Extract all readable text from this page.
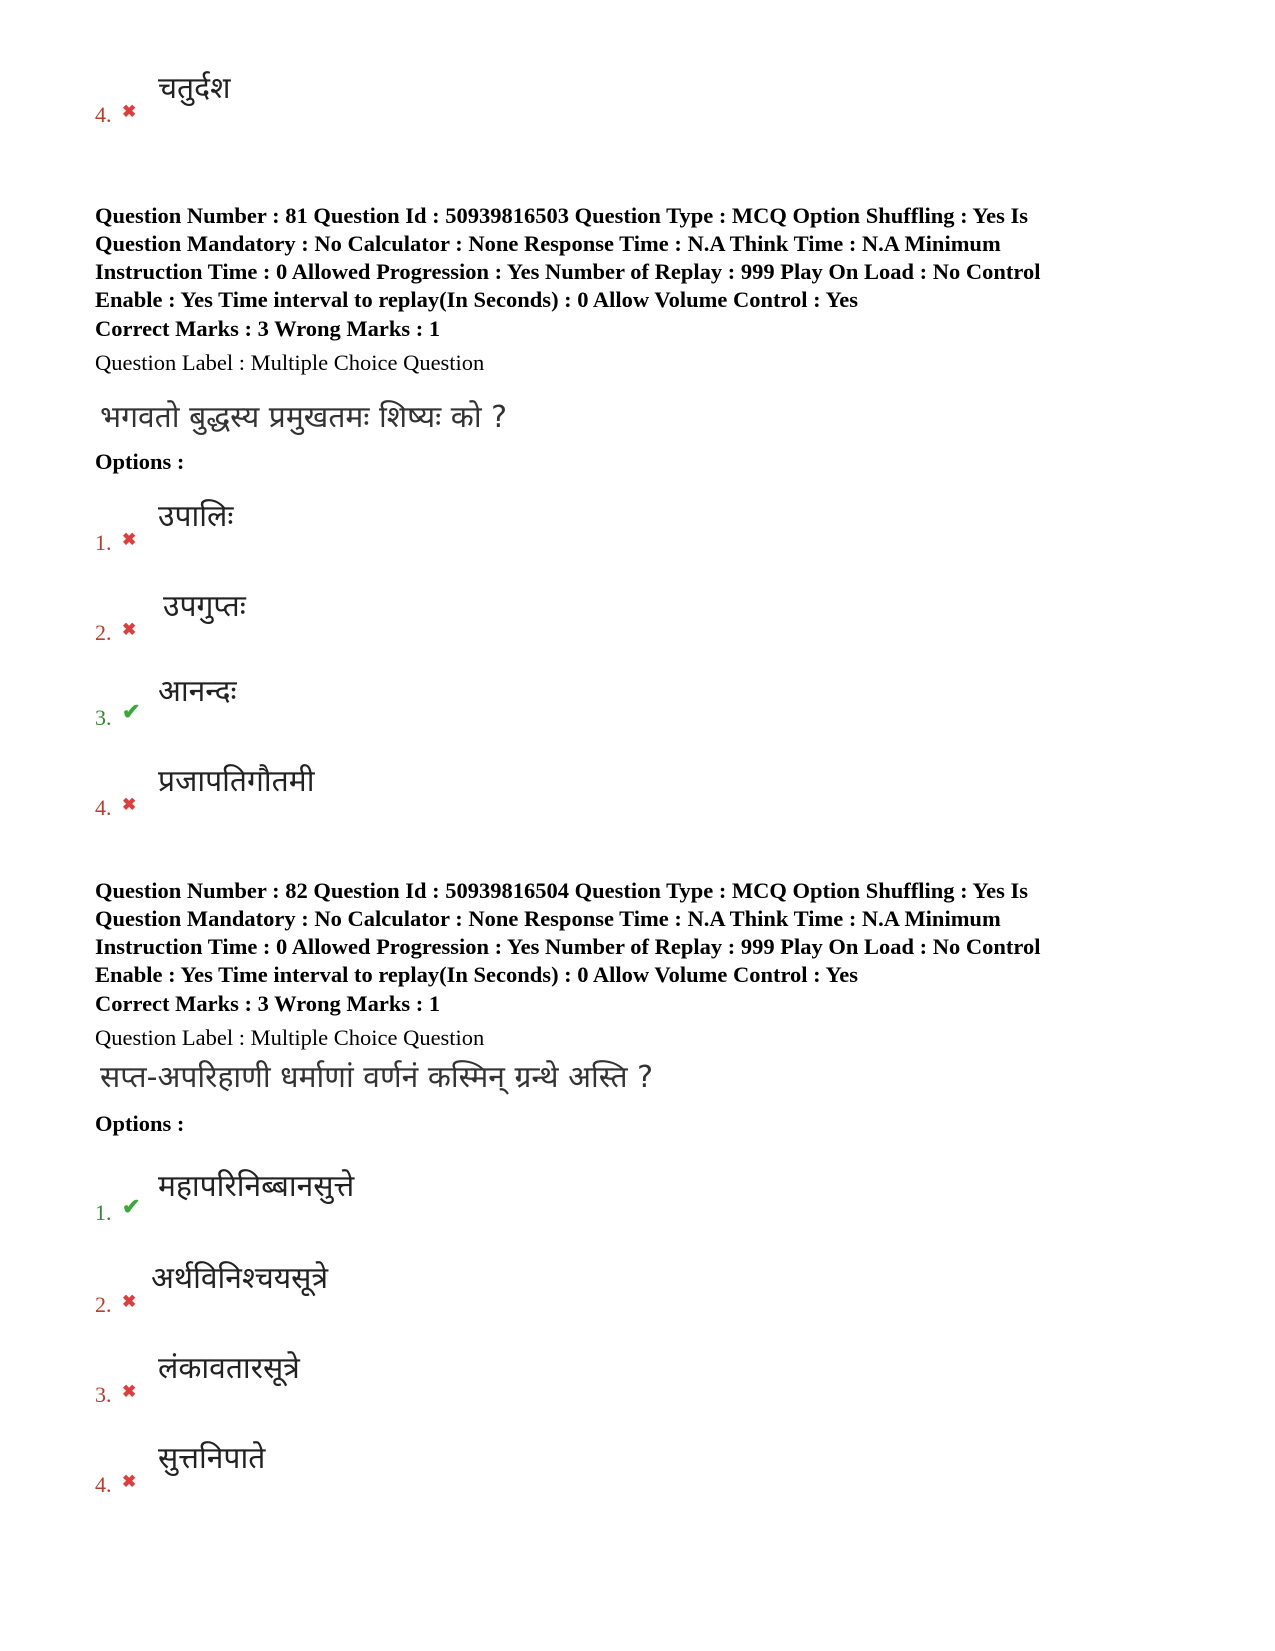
4. ✖
चतुर्दश
Question Number : 81 Question Id : 50939816503 Question Type : MCQ Option Shuffling : Yes Is
Question Mandatory : No Calculator : None Response Time : N.A Think Time : N.A Minimum
Instruction Time : 0 Allowed Progression : Yes Number of Replay : 999 Play On Load : No Control
Enable : Yes Time interval to replay(In Seconds) : 0 Allow Volume Control : Yes
Correct Marks : 3 Wrong Marks : 1
Question Label : Multiple Choice Question
भगवतो बुद्धस्य प्रमुखतमः शिष्यः को ?
Options :
1. ✖
उपालिः
2. ✖
उपगुप्तः
3. ✔
आनन्दः
4. ✖
प्रजापतिगौतमी
Question Number : 82 Question Id : 50939816504 Question Type : MCQ Option Shuffling : Yes Is
Question Mandatory : No Calculator : None Response Time : N.A Think Time : N.A Minimum
Instruction Time : 0 Allowed Progression : Yes Number of Replay : 999 Play On Load : No Control
Enable : Yes Time interval to replay(In Seconds) : 0 Allow Volume Control : Yes
Correct Marks : 3 Wrong Marks : 1
Question Label : Multiple Choice Question
सप्त-अपरिहाणी धर्माणां वर्णनं कस्मिन् ग्रन्थे अस्ति ?
Options :
1. ✔
महापरिनिब्बानसुत्ते
2. ✖
अर्थविनिश्चयसूत्रे
3. ✖
लंकावतारसूत्रे
4. ✖
सुत्तनिपाते
